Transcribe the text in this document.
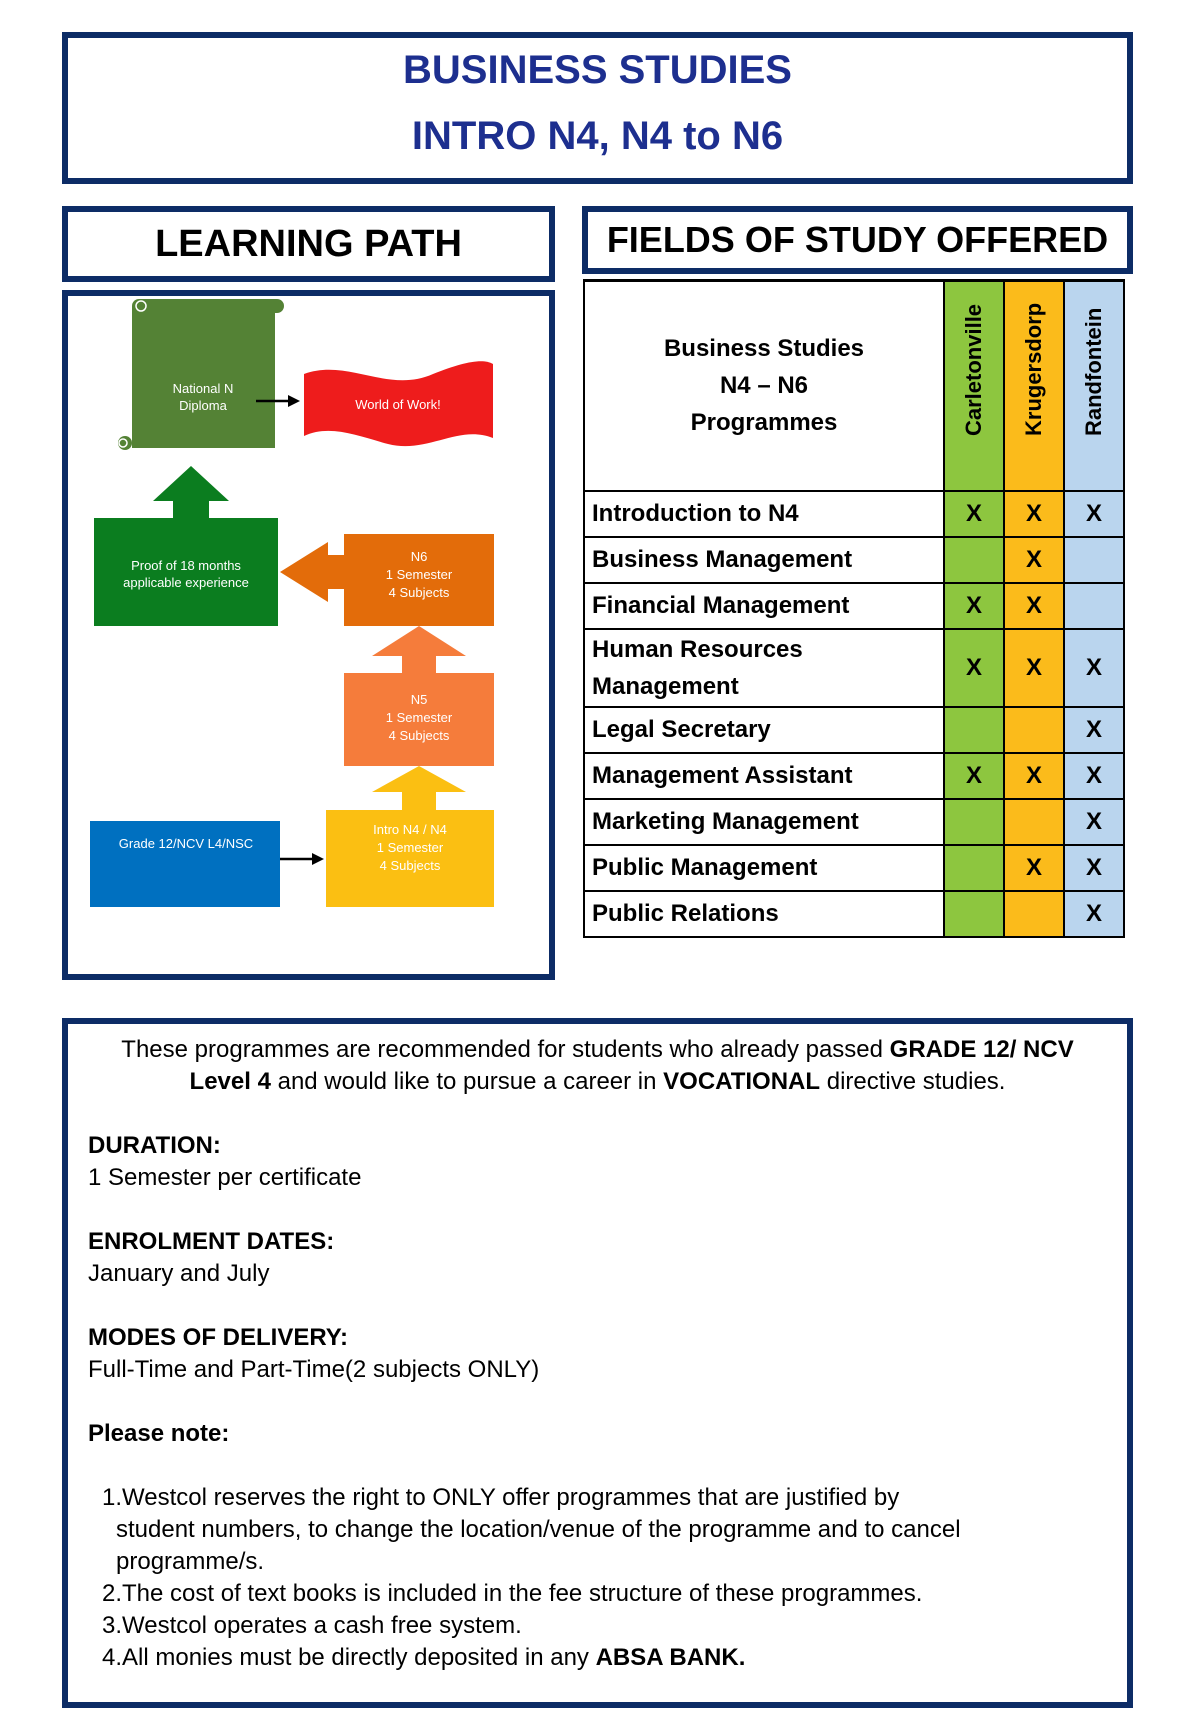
BUSINESS STUDIES
INTRO N4, N4 to N6
LEARNING PATH	FIELDS OF STUDY OFFERED
National N
Diploma	World of Work!
Proof of 18 months
applicable experience
N6
1 Semester
4 Subjects
N5
1 Semester
4 Subjects
Grade 12/NCV L4/NSC
Intro N4 / N4
1 Semester
4 Subjects
Business Studies
N4 – N6
Programmes	Carletonville	Krugersdorp	Randfontein

Introduction to N4	X	X	X

Business Management		X	

Financial Management	X	X	

Human Resources
Management	X	X	X

Legal Secretary			X

Management Assistant	X	X	X

Marketing Management			X

Public Management		X	X

Public Relations			X
These programmes are recommended for students who already passed GRADE 12/ NCV Level 4 and would like to pursue a career in VOCATIONAL directive studies.
DURATION:
1 Semester per certificate
ENROLMENT DATES:
January and July
MODES OF DELIVERY:
Full-Time and Part-Time(2 subjects ONLY)
Please note:
1.Westcol reserves the right to ONLY offer programmes that are justified by student numbers, to change the location/venue of the programme and to cancel programme/s.
2.The cost of text books is included in the fee structure of these programmes.
3.Westcol operates a cash free system.
4.All monies must be directly deposited in any ABSA BANK.
